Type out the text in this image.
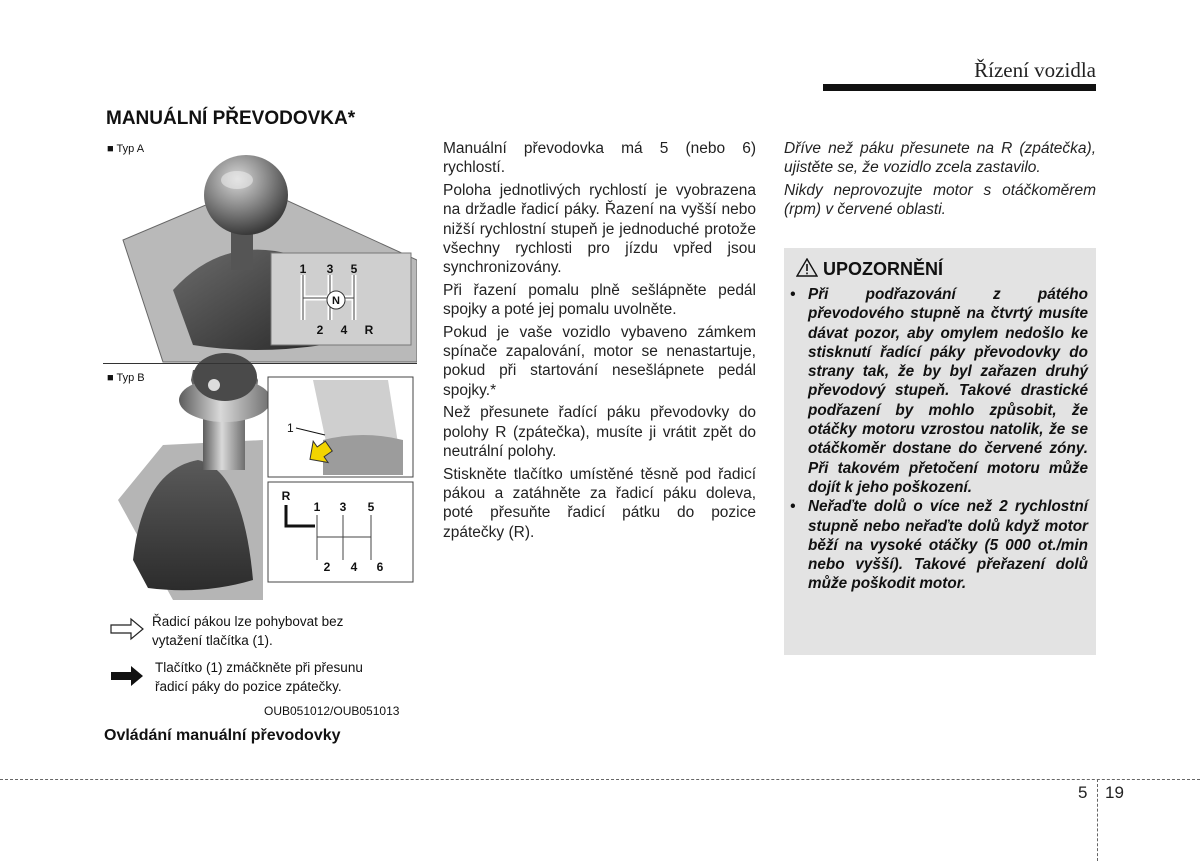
Řízení vozidla
MANUÁLNÍ PŘEVODOVKA*
1 3 5
N
2 4 R
1
R
1 3 5
2 4 6
■ Typ A
■ Typ B
Řadicí pákou lze pohybovat bez
vytažení tlačítka (1).
Tlačítko (1) zmáčkněte při přesunu
řadicí páky do pozice zpátečky.
OUB051012/OUB051013
Ovládání manuální převodovky

Manuální převodovka má 5 (nebo 6) rychlostí.

Poloha jednotlivých rychlostí je vyobrazena na držadle řadicí páky. Řazení na vyšší nebo nižší rychlostní stupeň je jednoduché protože všechny rychlosti pro jízdu vpřed jsou synchronizovány.

Při řazení pomalu plně sešlápněte pedál spojky a poté jej pomalu uvolněte.

Pokud je vaše vozidlo vybaveno zámkem spínače zapalování, motor se nenastartuje, pokud při startování nesešlápnete pedál spojky.*

Než přesunete řadící páku převodovky do polohy R (zpátečka), musíte ji vrátit zpět do neutrální polohy.

Stiskněte tlačítko umístěné těsně pod řadicí pákou a zatáhněte za řadicí páku doleva, poté přesuňte řadicí pátku do pozice zpátečky (R).

Dříve než páku přesunete na R (zpátečka), ujistěte se, že vozidlo zcela zastavilo.

Nikdy neprovozujte motor s otáčkoměrem (rpm) v červené oblasti.

UPOZORNĚNÍ
• Při podřazování z pátého převodového stupně na čtvrtý musíte dávat pozor, aby omylem nedošlo ke stisknutí řadící páky převodovky do strany tak, že by byl zařazen druhý převodový stupeň. Takové drastické podřazení by mohlo způsobit, že otáčky motoru vzrostou natolik, že se otáčkoměr dostane do červené zóny. Při takovém přetočení motoru může dojít k jeho poškození.
• Neřaďte dolů o více než 2 rychlostní stupně nebo neřaďte dolů když motor běží na vysoké otáčky (5 000 ot./min nebo vyšší). Takové přeřazení dolů může poškodit motor.
5 19
